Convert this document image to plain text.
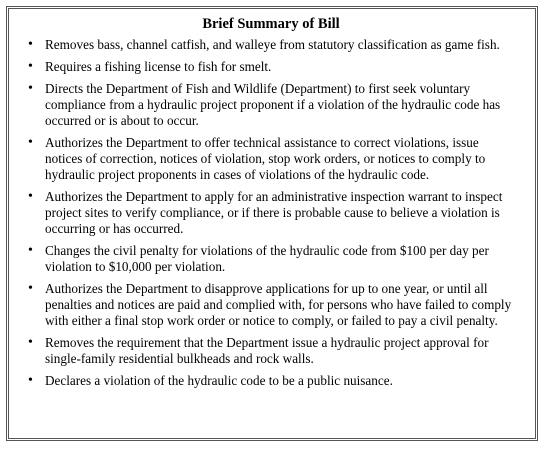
Brief Summary of Bill
• Removes bass, channel catfish, and walleye from statutory classification as game fish.
• Requires a fishing license to fish for smelt.
• Directs the Department of Fish and Wildlife (Department) to first seek voluntary compliance from a hydraulic project proponent if a violation of the hydraulic code has occurred or is about to occur.
• Authorizes the Department to offer technical assistance to correct violations, issue notices of correction, notices of violation, stop work orders, or notices to comply to hydraulic project proponents in cases of violations of the hydraulic code.
• Authorizes the Department to apply for an administrative inspection warrant to inspect project sites to verify compliance, or if there is probable cause to believe a violation is occurring or has occurred.
• Changes the civil penalty for violations of the hydraulic code from $100 per day per violation to $10,000 per violation.
• Authorizes the Department to disapprove applications for up to one year, or until all penalties and notices are paid and complied with, for persons who have failed to comply with either a final stop work order or notice to comply, or failed to pay a civil penalty.
• Removes the requirement that the Department issue a hydraulic project approval for single-family residential bulkheads and rock walls.
• Declares a violation of the hydraulic code to be a public nuisance.
